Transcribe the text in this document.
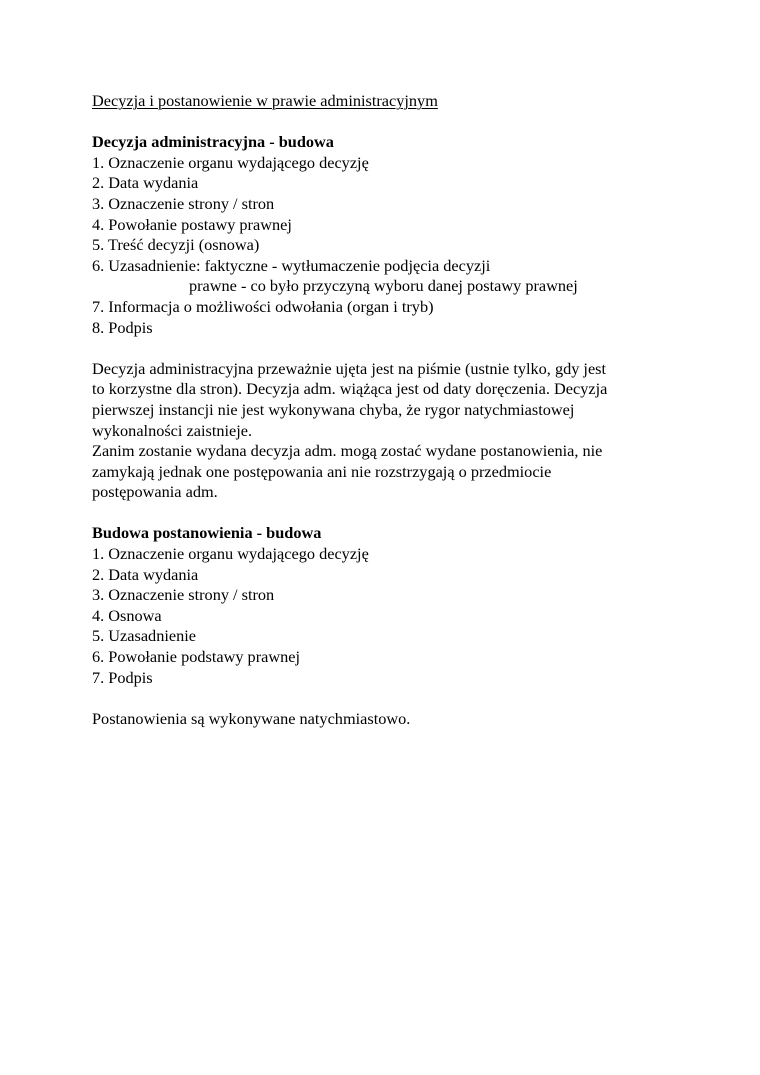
Decyzja i postanowienie w prawie administracyjnym
Decyzja administracyjna - budowa
1. Oznaczenie organu wydającego decyzję
2. Data wydania
3. Oznaczenie strony / stron
4. Powołanie postawy prawnej
5. Treść decyzji (osnowa)
6. Uzasadnienie: faktyczne - wytłumaczenie podjęcia decyzji
prawne - co było przyczyną wyboru danej postawy prawnej
7. Informacja o możliwości odwołania (organ i tryb)
8. Podpis
Decyzja administracyjna przeważnie ujęta jest na piśmie (ustnie tylko, gdy jest
to korzystne dla stron). Decyzja adm. wiążąca jest od daty doręczenia. Decyzja
pierwszej instancji nie jest wykonywana chyba, że rygor natychmiastowej
wykonalności zaistnieje.
Zanim zostanie wydana decyzja adm. mogą zostać wydane postanowienia, nie
zamykają jednak one postępowania ani nie rozstrzygają o przedmiocie
postępowania adm.
Budowa postanowienia - budowa
1. Oznaczenie organu wydającego decyzję
2. Data wydania
3. Oznaczenie strony / stron
4. Osnowa
5. Uzasadnienie
6. Powołanie podstawy prawnej
7. Podpis
Postanowienia są wykonywane natychmiastowo.
